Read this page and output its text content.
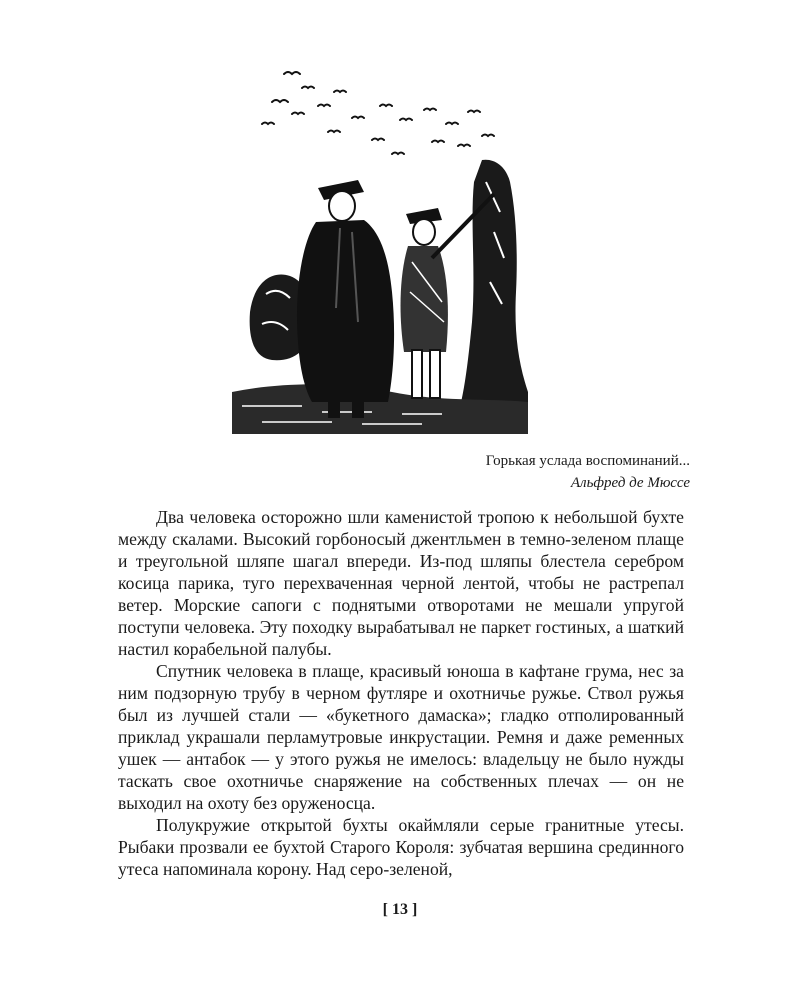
Горькая услада воспоминаний...
Альфред де Мюссе

Два человека осторожно шли каменистой тропою к небольшой бухте между скалами. Высокий горбоносый джентльмен в темно-зеленом плаще и треугольной шляпе шагал впереди. Из-под шляпы блестела серебром косица парика, туго перехваченная черной лентой, чтобы не растрепал ветер. Морские сапоги с поднятыми отворотами не мешали упругой поступи человека. Эту походку вырабатывал не паркет гостиных, а шаткий настил корабельной палубы.

Спутник человека в плаще, красивый юноша в кафтане грума, нес за ним подзорную трубу в черном футляре и охотничье ружье. Ствол ружья был из лучшей стали — «букетного дамаска»; гладко отполированный приклад украшали перламутровые инкрустации. Ремня и даже ременных ушек — антабок — у этого ружья не имелось: владельцу не было нужды таскать свое охотничье снаряжение на собственных плечах — он не выходил на охоту без оруженосца.

Полукружие открытой бухты окаймляли серые гранитные утесы. Рыбаки прозвали ее бухтой Старого Короля: зубчатая вершина срединного утеса напоминала корону. Над серо-зеленой,

[ 13 ]
